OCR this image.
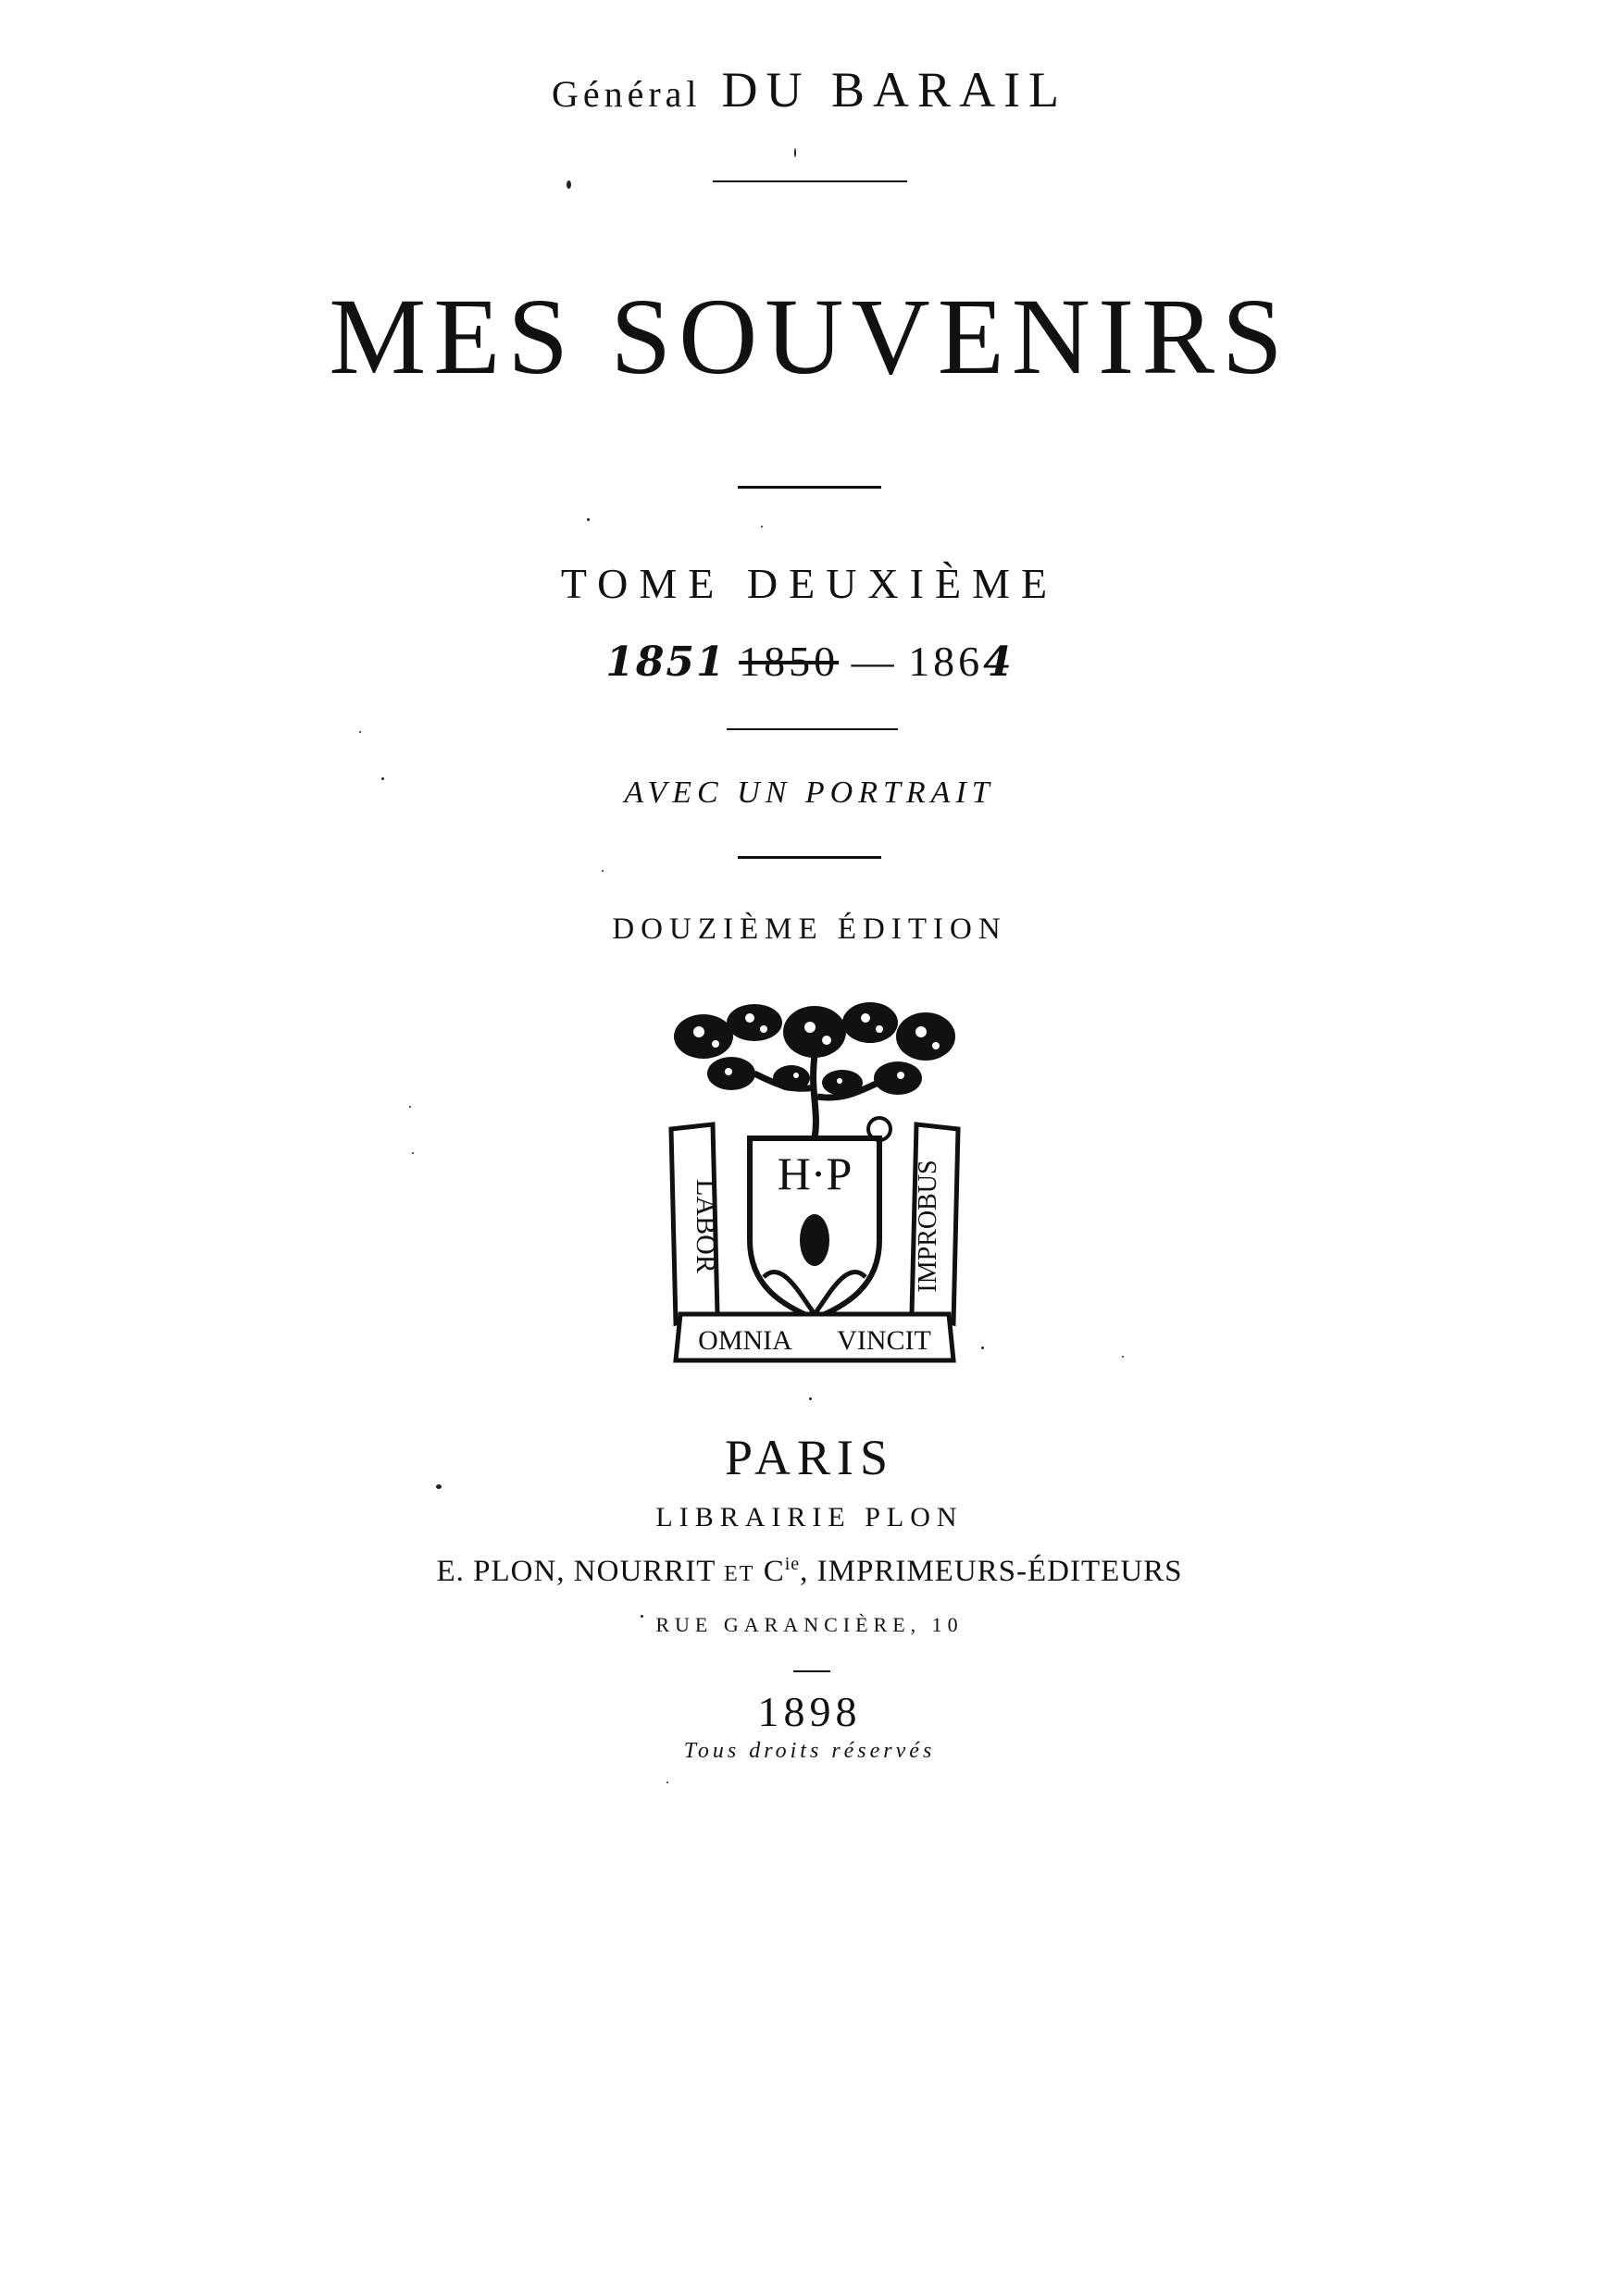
Général DU BARAIL
MES SOUVENIRS
TOME DEUXIÈME
1851 1850 — 1864
AVEC UN PORTRAIT
DOUZIÈME ÉDITION
LABOR	IMPROBUS
H·P
OMNIA VINCIT
PARIS
LIBRAIRIE PLON
E. PLON, NOURRIT ET $C^{ie}$, IMPRIMEURS-ÉDITEURS
RUE GARANCIÈRE, 10
1898
Tous droits réservés
